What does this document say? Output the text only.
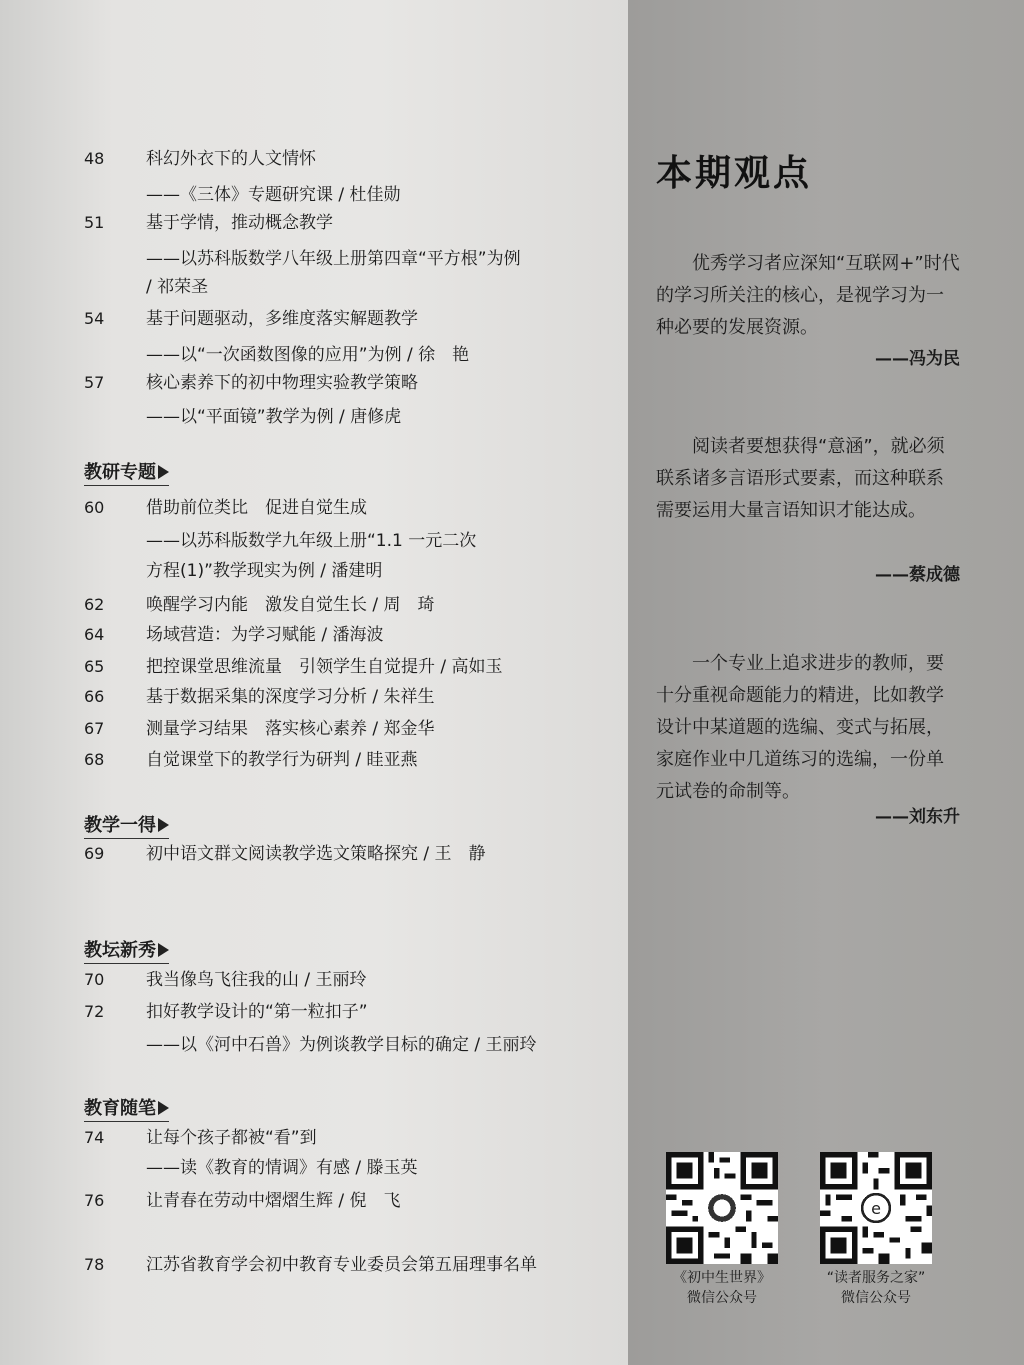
48	科幻外衣下的人文情怀
——《三体》专题研究课 / 杜佳勋
51	基于学情，推动概念教学
——以苏科版数学八年级上册第四章“平方根”为例
/ 祁荣圣
54	基于问题驱动，多维度落实解题教学
——以“一次函数图像的应用”为例 / 徐　艳
57	核心素养下的初中物理实验教学策略
——以“平面镜”教学为例 / 唐修虎
教研专题
60	借助前位类比　促进自觉生成
——以苏科版数学九年级上册“1.1 一元二次
方程(1)”教学现实为例 / 潘建明
62	唤醒学习内能　激发自觉生长 / 周　琦
64	场域营造：为学习赋能 / 潘海波
65	把控课堂思维流量　引领学生自觉提升 / 高如玉
66	基于数据采集的深度学习分析 / 朱祥生
67	测量学习结果　落实核心素养 / 郑金华
68	自觉课堂下的教学行为研判 / 眭亚燕
教学一得
69	初中语文群文阅读教学选文策略探究 / 王　静
教坛新秀
70	我当像鸟飞往我的山 / 王丽玲
72	扣好教学设计的“第一粒扣子”
——以《河中石兽》为例谈教学目标的确定 / 王丽玲
教育随笔
74	让每个孩子都被“看”到
——读《教育的情调》有感 / 滕玉英
76	让青春在劳动中熠熠生辉 / 倪　飞
78	江苏省教育学会初中教育专业委员会第五届理事名单
本期观点
优秀学习者应深知“互联网+”时代的学习所关注的核心，是视学习为一种必要的发展资源。
——冯为民
阅读者要想获得“意涵”，就必须联系诸多言语形式要素，而这种联系需要运用大量言语知识才能达成。
——蔡成德
一个专业上追求进步的教师，要十分重视命题能力的精进，比如教学设计中某道题的选编、变式与拓展，家庭作业中几道练习的选编，一份单元试卷的命制等。
——刘东升
《初中生世界》
微信公众号
e
“读者服务之家”
微信公众号
